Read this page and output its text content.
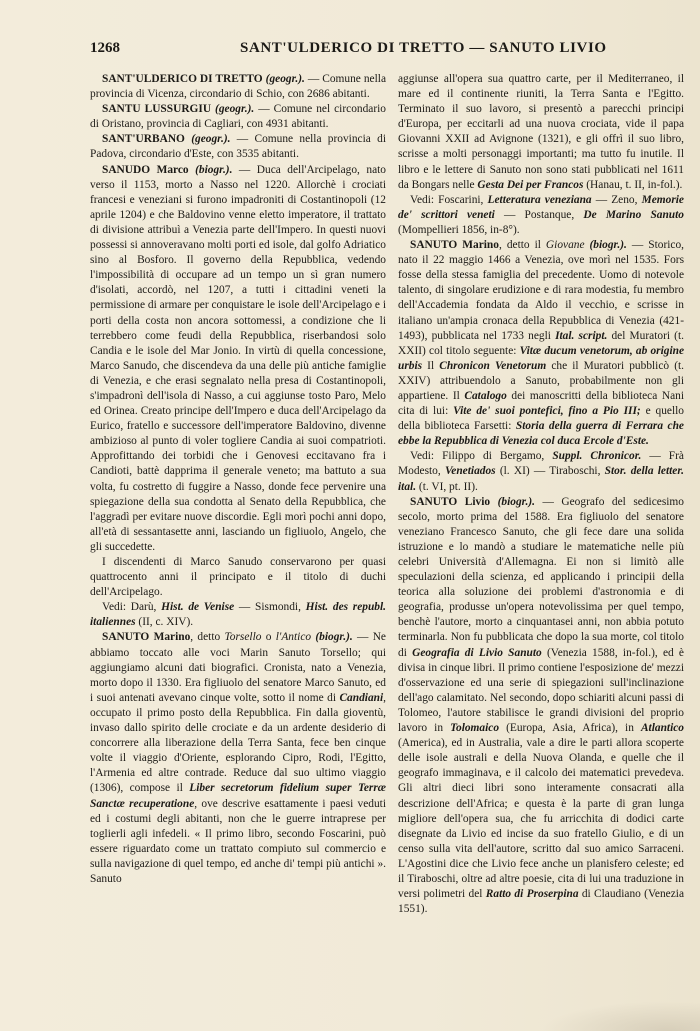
1268	SANT'ULDERICO DI TRETTO — SANUTO LIVIO

SANT'ULDERICO DI TRETTO (geogr.). — Comune nella provincia di Vicenza, circondario di Schio, con 2686 abitanti.

SANTU LUSSURGIU (geogr.). — Comune nel circondario di Oristano, provincia di Cagliari, con 4931 abitanti.

SANT'URBANO (geogr.). — Comune nella provincia di Padova, circondario d'Este, con 3535 abitanti.

SANUDO Marco (biogr.). — Duca dell'Arcipelago, nato verso il 1153, morto a Nasso nel 1220. Allorchè i crociati francesi e veneziani si furono impadroniti di Costantinopoli (12 aprile 1204) e che Baldovino venne eletto imperatore, il trattato di divisione attribuì a Venezia parte dell'Impero. In questi nuovi possessi si annoveravano molti porti ed isole, dal golfo Adriatico sino al Bosforo. Il governo della Repubblica, vedendo l'impossibilità di occupare ad un tempo un sì gran numero d'isolati, accordò, nel 1207, a tutti i cittadini veneti la permissione di armare per conquistare le isole dell'Arcipelago e i porti della costa non ancora sottomessi, a condizione che li terrebbero come feudi della Repubblica, riserbandosi solo Candia e le isole del Mar Jonio. In virtù di quella concessione, Marco Sanudo, che discendeva da una delle più antiche famiglie di Venezia, e che erasi segnalato nella presa di Costantinopoli, s'impadronì dell'isola di Nasso, a cui aggiunse tosto Paro, Melo ed Orinea. Creato principe dell'Impero e duca dell'Arcipelago da Eurico, fratello e successore dell'imperatore Baldovino, divenne ambizioso al punto di voler togliere Candia ai suoi compatrioti. Approfittando dei torbidi che i Genovesi eccitavano fra i Candioti, battè dapprima il generale veneto; ma battuto a sua volta, fu costretto di fuggire a Nasso, donde fece pervenire una spiegazione della sua condotta al Senato della Repubblica, che l'aggradì per evitare nuove discordie. Egli morì pochi anni dopo, all'età di sessantasette anni, lasciando un figliuolo, Angelo, che gli succedette.

I discendenti di Marco Sanudo conservarono per quasi quattrocento anni il principato e il titolo di duchi dell'Arcipelago.

Vedi: Darù, Hist. de Venise — Sismondi, Hist. des republ. italiennes (II, c. XIV).

SANUTO Marino, detto Torsello o l'Antico (biogr.). — Ne abbiamo toccato alle voci Marin Sanuto Torsello; qui aggiungiamo alcuni dati biografici. Cronista, nato a Venezia, morto dopo il 1330. Era figliuolo del senatore Marco Sanuto, ed i suoi antenati avevano cinque volte, sotto il nome di Candiani, occupato il primo posto della Repubblica. Fin dalla gioventù, invaso dallo spirito delle crociate e da un ardente desiderio di concorrere alla liberazione della Terra Santa, fece ben cinque volte il viaggio d'Oriente, esplorando Cipro, Rodi, l'Egitto, l'Armenia ed altre contrade. Reduce dal suo ultimo viaggio (1306), compose il Liber secretorum fidelium super Terræ Sanctæ recuperatione, ove descrive esattamente i paesi veduti ed i costumi degli abitanti, non che le guerre intraprese per toglierli agli infedeli. « Il primo libro, secondo Foscarini, può essere riguardato come un trattato compiuto sul commercio e sulla navigazione di quel tempo, ed anche di' tempi più antichi ». Sanuto

aggiunse all'opera sua quattro carte, per il Mediterraneo, il mare ed il continente riuniti, la Terra Santa e l'Egitto. Terminato il suo lavoro, si presentò a parecchi principi d'Europa, per eccitarli ad una nuova crociata, vide il papa Giovanni XXII ad Avignone (1321), e gli offrì il suo libro, scrisse a molti personaggi importanti; ma tutto fu inutile. Il libro e le lettere di Sanuto non sono stati pubblicati nel 1611 da Bongars nelle Gesta Dei per Francos (Hanau, t. II, in-fol.).

Vedi: Foscarini, Letteratura veneziana — Zeno, Memorie de' scrittori veneti — Postanque, De Marino Sanuto (Mompellieri 1856, in-8°).

SANUTO Marino, detto il Giovane (biogr.). — Storico, nato il 22 maggio 1466 a Venezia, ove morì nel 1535. Fors fosse della stessa famiglia del precedente. Uomo di notevole talento, di singolare erudizione e di rara modestia, fu membro dell'Accademia fondata da Aldo il vecchio, e scrisse in italiano un'ampia cronaca della Repubblica di Venezia (421-1493), pubblicata nel 1733 negli Ital. script. del Muratori (t. XXII) col titolo seguente: Vitæ ducum venetorum, ab origine urbis Il Chronicon Venetorum che il Muratori pubblicò (t. XXIV) attribuendolo a Sanuto, probabilmente non gli appartiene. Il Catalogo dei manoscritti della biblioteca Nani cita di lui: Vite de' suoi pontefici, fino a Pio III; e quello della biblioteca Farsetti: Storia della guerra di Ferrara che ebbe la Repubblica di Venezia col duca Ercole d'Este.

Vedi: Filippo di Bergamo, Suppl. Chronicor. — Frà Modesto, Venetiados (l. XI) — Tiraboschi, Stor. della letter. ital. (t. VI, pt. II).

SANUTO Livio (biogr.). — Geografo del sedicesimo secolo, morto prima del 1588. Era figliuolo del senatore veneziano Francesco Sanuto, che gli fece dare una solida istruzione e lo mandò a studiare le matematiche nelle più celebri Università d'Allemagna. Ei non si limitò alle speculazioni della scienza, ed applicando i principii della teorica alla soluzione dei problemi d'astronomia e di geografia, produsse un'opera notevolissima per quel tempo, benchè l'autore, morto a cinquantasei anni, non abbia potuto terminarla. Non fu pubblicata che dopo la sua morte, col titolo di Geografia di Livio Sanuto (Venezia 1588, in-fol.), ed è divisa in cinque libri. Il primo contiene l'esposizione de' mezzi d'osservazione ed una serie di spiegazioni sull'inclinazione dell'ago calamitato. Nel secondo, dopo schiariti alcuni passi di Tolomeo, l'autore stabilisce le grandi divisioni del proprio lavoro in Tolomaico (Europa, Asia, Africa), in Atlantico (America), ed in Australia, vale a dire le parti allora scoperte delle isole australi e della Nuova Olanda, e quelle che il geografo immaginava, e il calcolo dei matematici prevedeva. Gli altri dieci libri sono interamente consacrati alla descrizione dell'Africa; e questa è la parte di gran lunga migliore dell'opera sua, che fu arricchita di dodici carte disegnate da Livio ed incise da suo fratello Giulio, e di un censo sulla vita dell'autore, scritto dal suo amico Sarraceni. L'Agostini dice che Livio fece anche un planisfero celeste; ed il Tiraboschi, oltre ad altre poesie, cita di lui una traduzione in versi polimetri del Ratto di Proserpina di Claudiano (Venezia 1551).
